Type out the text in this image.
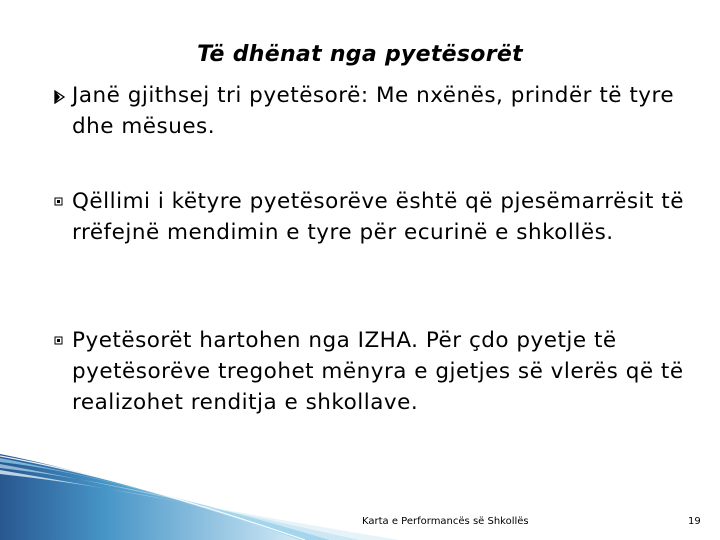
Të dhënat nga pyetësorët
Janë gjithsej tri pyetësorë: Me nxënës, prindër të tyre dhe mësues.
Qëllimi i këtyre pyetësorëve është që pjesëmarrësit të rrëfejnë mendimin e tyre për ecurinë e shkollës.
Pyetësorët hartohen nga IZHA. Për çdo pyetje të pyetësorëve tregohet mënyra e gjetjes së vlerës që të realizohet renditja e shkollave.
Karta e Performancës së Shkollës	19
